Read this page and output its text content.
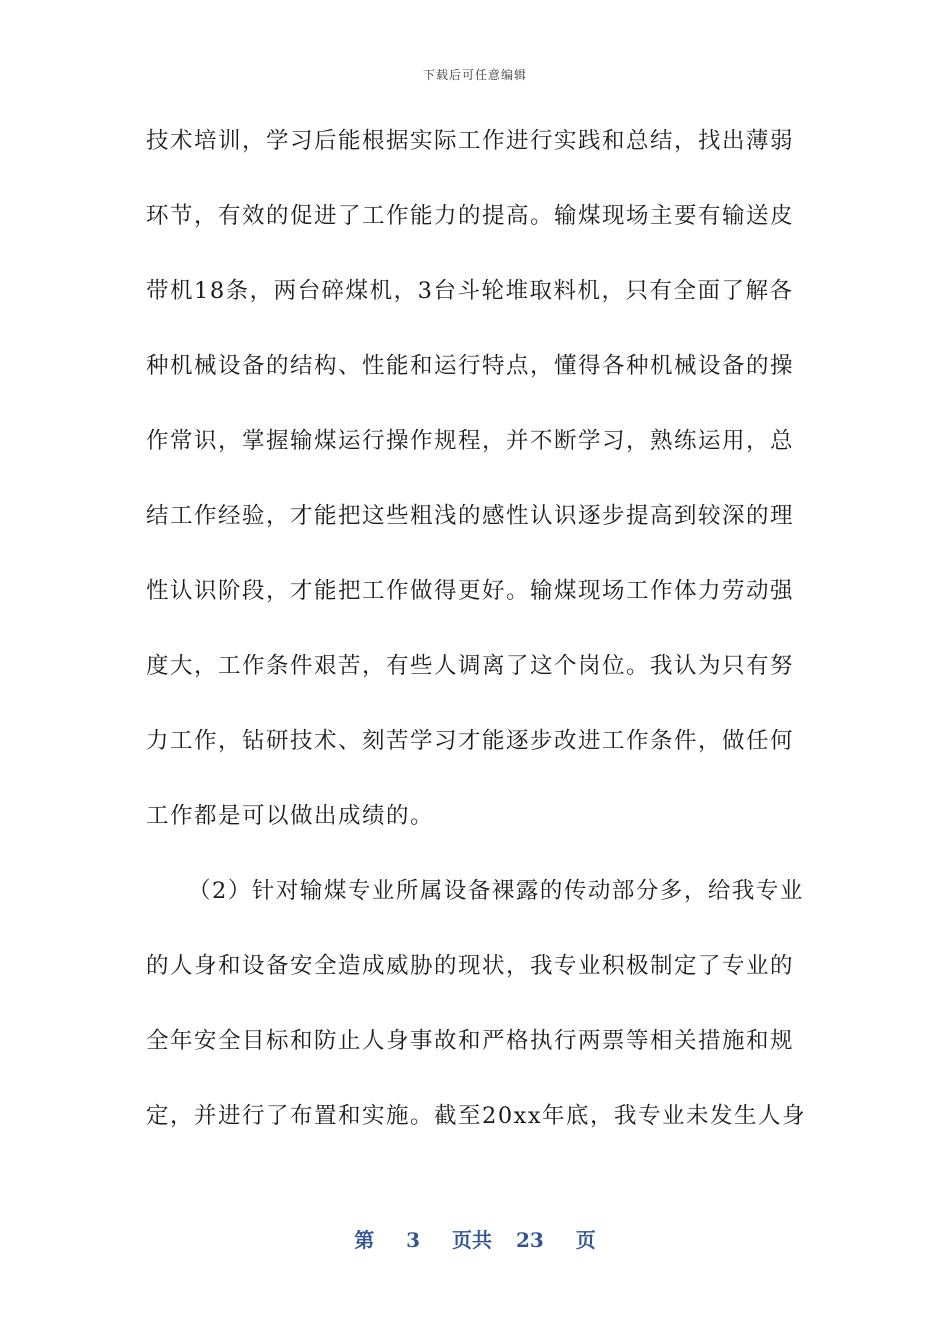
下载后可任意编辑
技术培训，学习后能根据实际工作进行实践和总结，找出薄弱
环节，有效的促进了工作能力的提高。输煤现场主要有输送皮
带机18条，两台碎煤机，3台斗轮堆取料机，只有全面了解各
种机械设备的结构、性能和运行特点，懂得各种机械设备的操
作常识，掌握输煤运行操作规程，并不断学习，熟练运用，总
结工作经验，才能把这些粗浅的感性认识逐步提高到较深的理
性认识阶段，才能把工作做得更好。输煤现场工作体力劳动强
度大，工作条件艰苦，有些人调离了这个岗位。我认为只有努
力工作，钻研技术、刻苦学习才能逐步改进工作条件，做任何
工作都是可以做出成绩的。
（2）针对输煤专业所属设备裸露的传动部分多，给我专业
的人身和设备安全造成威胁的现状，我专业积极制定了专业的
全年安全目标和防止人身事故和严格执行两票等相关措施和规
定，并进行了布置和实施。截至20xx年底，我专业未发生人身
第 3 页共 23 页
